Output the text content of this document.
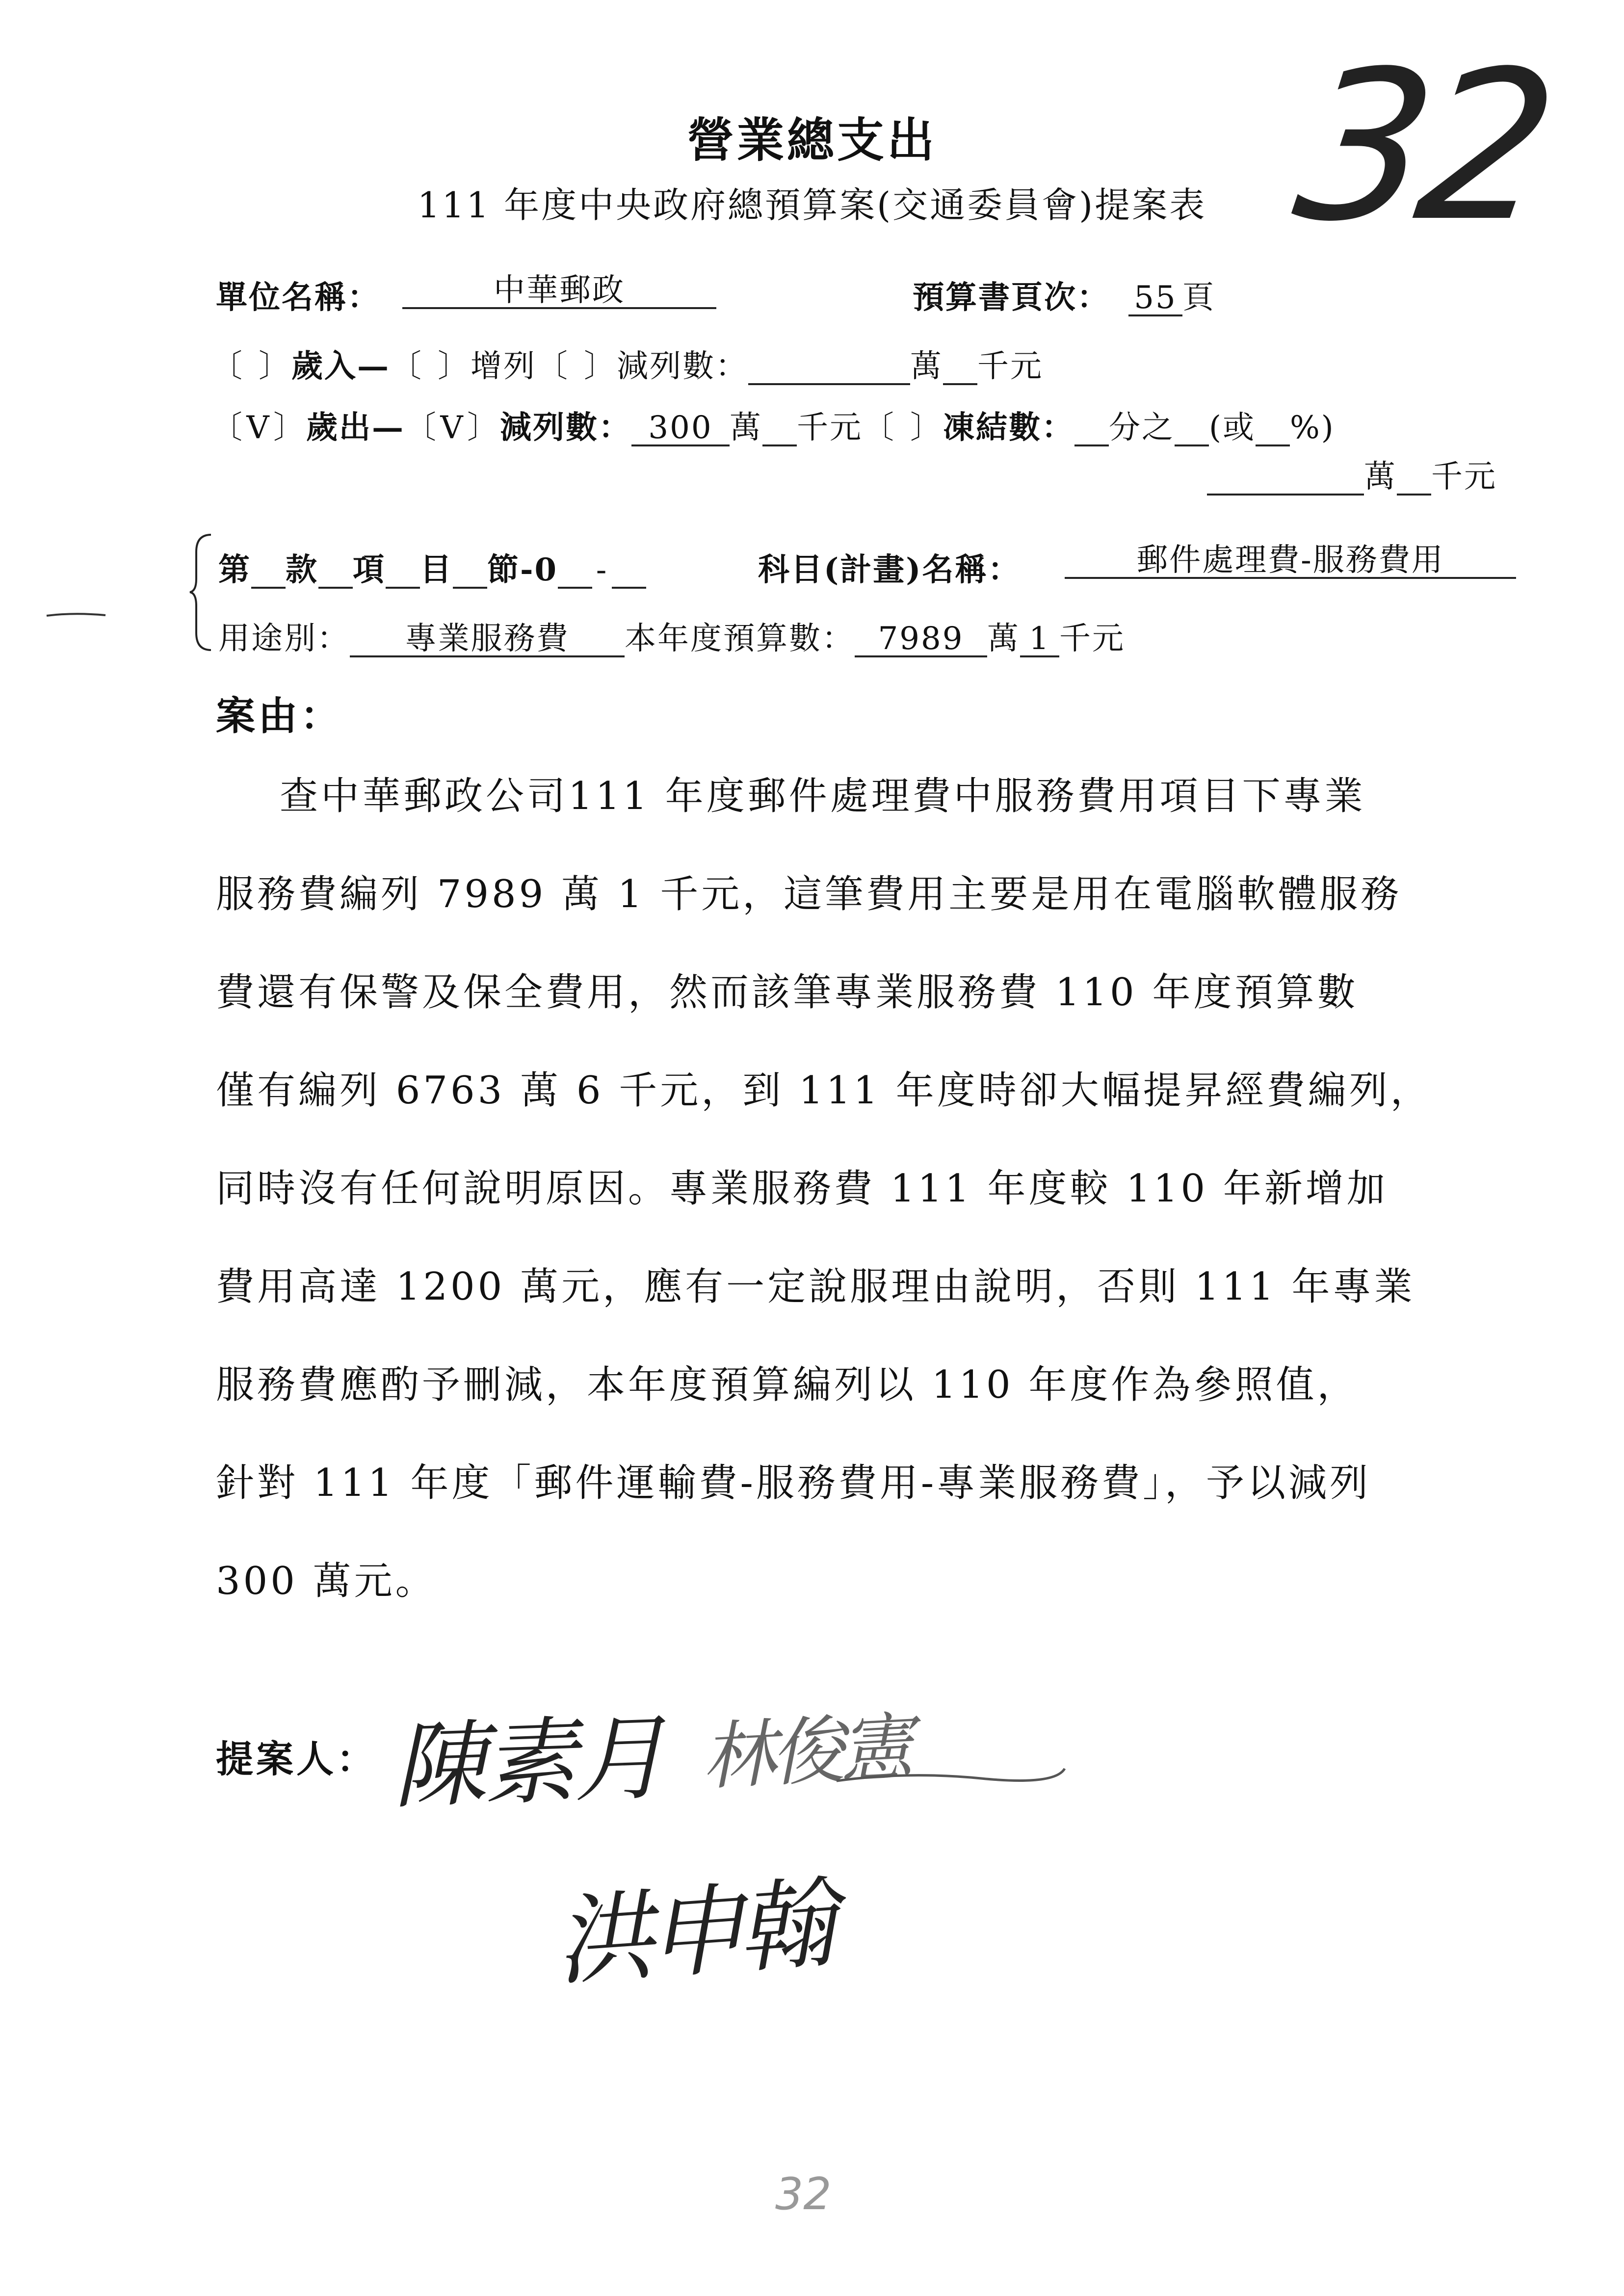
營業總支出
111 年度中央政府總預算案(交通委員會)提案表 32
單位名稱：	中華郵政	預算書頁次： 55 頁
〔 〕歲入—〔 〕增列〔 〕減列數：	萬 千元
〔V〕歲出—〔V〕減列數： 300 萬 千元〔 〕凍結數： 分之 (或 %)
萬 千元
第 款 項 目 節-0 -	科目(計畫)名稱：	郵件處理費-服務費用
用途別： 專業服務費 本年度預算數： 7989 萬 1 千元
案由：
查中華郵政公司111 年度郵件處理費中服務費用項目下專業
服務費編列 7989 萬 1 千元，這筆費用主要是用在電腦軟體服務
費還有保警及保全費用，然而該筆專業服務費 110 年度預算數
僅有編列 6763 萬 6 千元，到 111 年度時卻大幅提昇經費編列，
同時沒有任何說明原因。專業服務費 111 年度較 110 年新增加
費用高達 1200 萬元，應有一定說服理由說明，否則 111 年專業
服務費應酌予刪減，本年度預算編列以 110 年度作為參照值，
針對 111 年度「郵件運輸費-服務費用-專業服務費」，予以減列
300 萬元。
提案人： 陳素月 林俊憲
洪申翰
32
